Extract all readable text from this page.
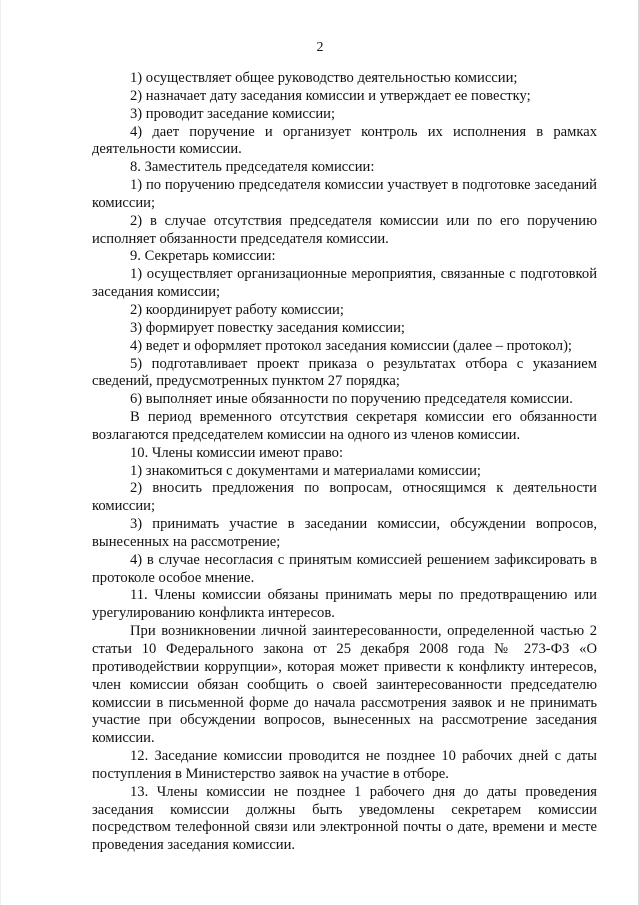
2

1) осуществляет общее руководство деятельностью комиссии;

2) назначает дату заседания комиссии и утверждает ее повестку;

3) проводит заседание комиссии;

4) дает поручение и организует контроль их исполнения в рамках деятельности комиссии.

8. Заместитель председателя комиссии:

1) по поручению председателя комиссии участвует в подготовке заседаний комиссии;

2) в случае отсутствия председателя комиссии или по его поручению исполняет обязанности председателя комиссии.

9. Секретарь комиссии:

1) осуществляет организационные мероприятия, связанные с подготовкой заседания комиссии;

2) координирует работу комиссии;

3) формирует повестку заседания комиссии;

4) ведет и оформляет протокол заседания комиссии (далее – протокол);

5) подготавливает проект приказа о результатах отбора с указанием сведений, предусмотренных пунктом 27 порядка;

6) выполняет иные обязанности по поручению председателя комиссии.

В период временного отсутствия секретаря комиссии его обязанности возлагаются председателем комиссии на одного из членов комиссии.

10. Члены комиссии имеют право:

1) знакомиться с документами и материалами комиссии;

2) вносить предложения по вопросам, относящимся к деятельности комиссии;

3) принимать участие в заседании комиссии, обсуждении вопросов, вынесенных на рассмотрение;

4) в случае несогласия с принятым комиссией решением зафиксировать в протоколе особое мнение.

11. Члены комиссии обязаны принимать меры по предотвращению или урегулированию конфликта интересов.

При возникновении личной заинтересованности, определенной частью 2 статьи 10 Федерального закона от 25 декабря 2008 года № 273-ФЗ «О противодействии коррупции», которая может привести к конфликту интересов, член комиссии обязан сообщить о своей заинтересованности председателю комиссии в письменной форме до начала рассмотрения заявок и не принимать участие при обсуждении вопросов, вынесенных на рассмотрение заседания комиссии.

12. Заседание комиссии проводится не позднее 10 рабочих дней с даты поступления в Министерство заявок на участие в отборе.

13. Члены комиссии не позднее 1 рабочего дня до даты проведения заседания комиссии должны быть уведомлены секретарем комиссии посредством телефонной связи или электронной почты о дате, времени и месте проведения заседания комиссии.
